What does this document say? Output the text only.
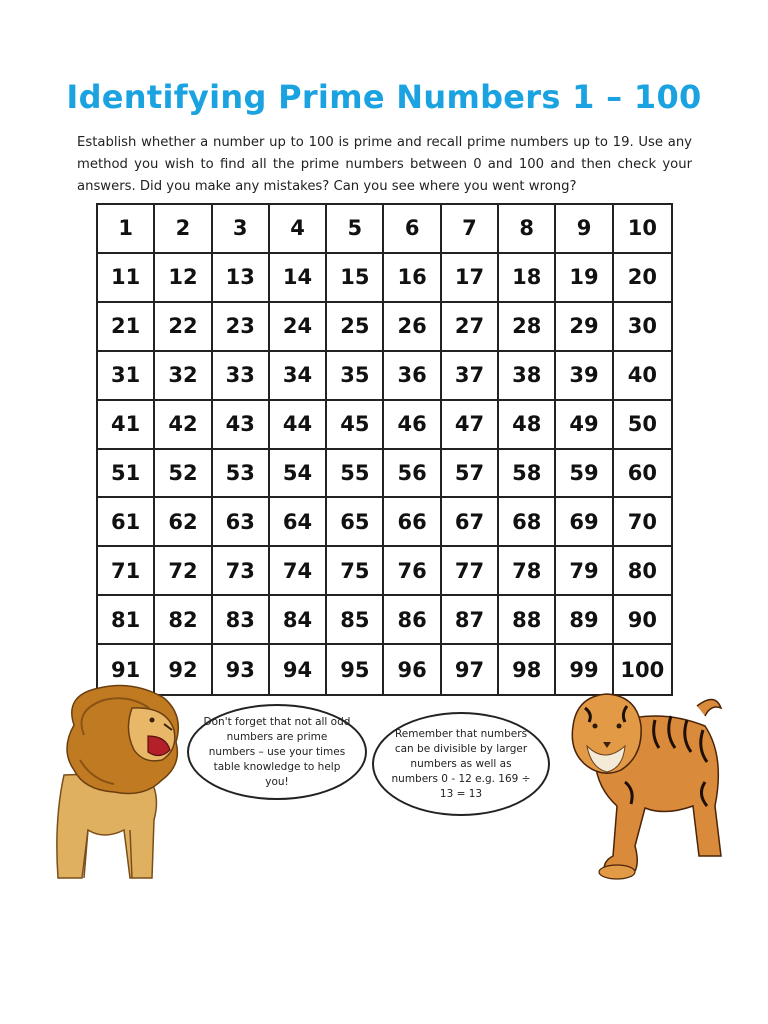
Identifying Prime Numbers 1 – 100
Establish whether a number up to 100 is prime and recall prime numbers up to 19. Use any method you wish to find all the prime numbers between 0 and 100 and then check your answers. Did you make any mistakes? Can you see where you went wrong?
1	2	3	4	5	6	7	8	9	10
11	12	13	14	15	16	17	18	19	20
21	22	23	24	25	26	27	28	29	30
31	32	33	34	35	36	37	38	39	40
41	42	43	44	45	46	47	48	49	50
51	52	53	54	55	56	57	58	59	60
61	62	63	64	65	66	67	68	69	70
71	72	73	74	75	76	77	78	79	80
81	82	83	84	85	86	87	88	89	90
91	92	93	94	95	96	97	98	99	100
Don't forget that not all odd numbers are prime numbers – use your times table knowledge to help you!
Remember that numbers can be divisible by larger numbers as well as numbers 0 - 12 e.g. 169 ÷ 13 = 13
